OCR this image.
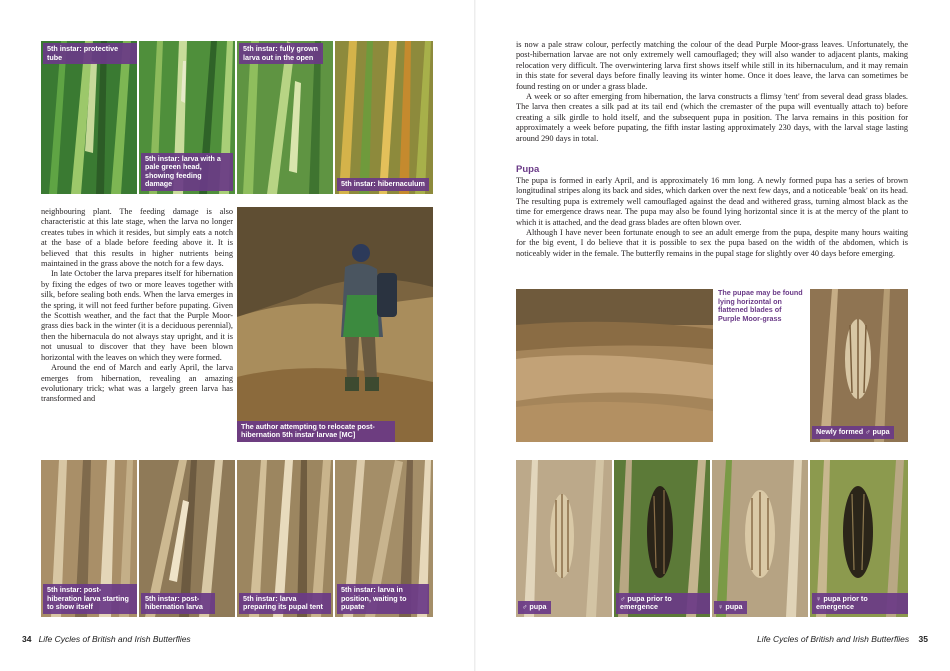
5th instar: protective tube
5th instar: larva with a pale green head, showing feeding damage
5th instar: fully grown larva out in the open
5th instar: hibernaculum

neighbouring plant. The feeding damage is also characteristic at this late stage, when the larva no longer creates tubes in which it resides, but simply eats a notch at the base of a blade before feeding above it. It is believed that this results in higher nutrients being maintained in the grass above the notch for a few days.

In late October the larva prepares itself for hibernation by fixing the edges of two or more leaves together with silk, before sealing both ends. When the larva emerges in the spring, it will not feed further before pupating. Given the Scottish weather, and the fact that the Purple Moor-grass dies back in the winter (it is a deciduous perennial), then the hibernacula do not always stay upright, and it is not unusual to discover that they have been blown horizontal with the leaves on which they were formed.

Around the end of March and early April, the larva emerges from hibernation, revealing an amazing evolutionary trick; what was a largely green larva has transformed and

The author attempting to relocate post-hibernation 5th instar larvae [MC]
5th instar: post-hiberation larva starting to show itself
5th instar: post-hibernation larva
5th instar: larva preparing its pupal tent
5th instar: larva in position, waiting to pupate
34 Life Cycles of British and Irish Butterflies

is now a pale straw colour, perfectly matching the colour of the dead Purple Moor-grass leaves. Unfortunately, the post-hibernation larvae are not only extremely well camouflaged; they will also wander to adjacent plants, making relocation very difficult. The overwintering larva first shows itself while still in its hibernaculum, and it may remain in this state for several days before finally leaving its winter home. Once it does leave, the larva can sometimes be found resting on or under a grass blade.

A week or so after emerging from hibernation, the larva constructs a flimsy 'tent' from several dead grass blades. The larva then creates a silk pad at its tail end (which the cremaster of the pupa will eventually attach to) before creating a silk girdle to hold itself, and the subsequent pupa in position. The larva remains in this position for approximately a week before pupating, the fifth instar lasting approximately 230 days, with the larval stage lasting around 290 days in total.

Pupa

The pupa is formed in early April, and is approximately 16 mm long. A newly formed pupa has a series of brown longitudinal stripes along its back and sides, which darken over the next few days, and a noticeable 'beak' on its head. The resulting pupa is extremely well camouflaged against the dead and withered grass, turning almost black as the time for emergence draws near. The pupa may also be found lying horizontal since it is at the mercy of the plant to which it is attached, and the dead grass blades are often blown over.

Although I have never been fortunate enough to see an adult emerge from the pupa, despite many hours waiting for the big event, I do believe that it is possible to sex the pupa based on the width of the abdomen, which is noticeably wider in the female. The butterfly remains in the pupal stage for slightly over 40 days before emerging.

The pupae may be found lying horizontal on flattened blades of Purple Moor-grass
Newly formed ♂ pupa
♂ pupa
♂ pupa prior to emergence	♀ pupa
♀ pupa prior to emergence
Life Cycles of British and Irish Butterflies 35
